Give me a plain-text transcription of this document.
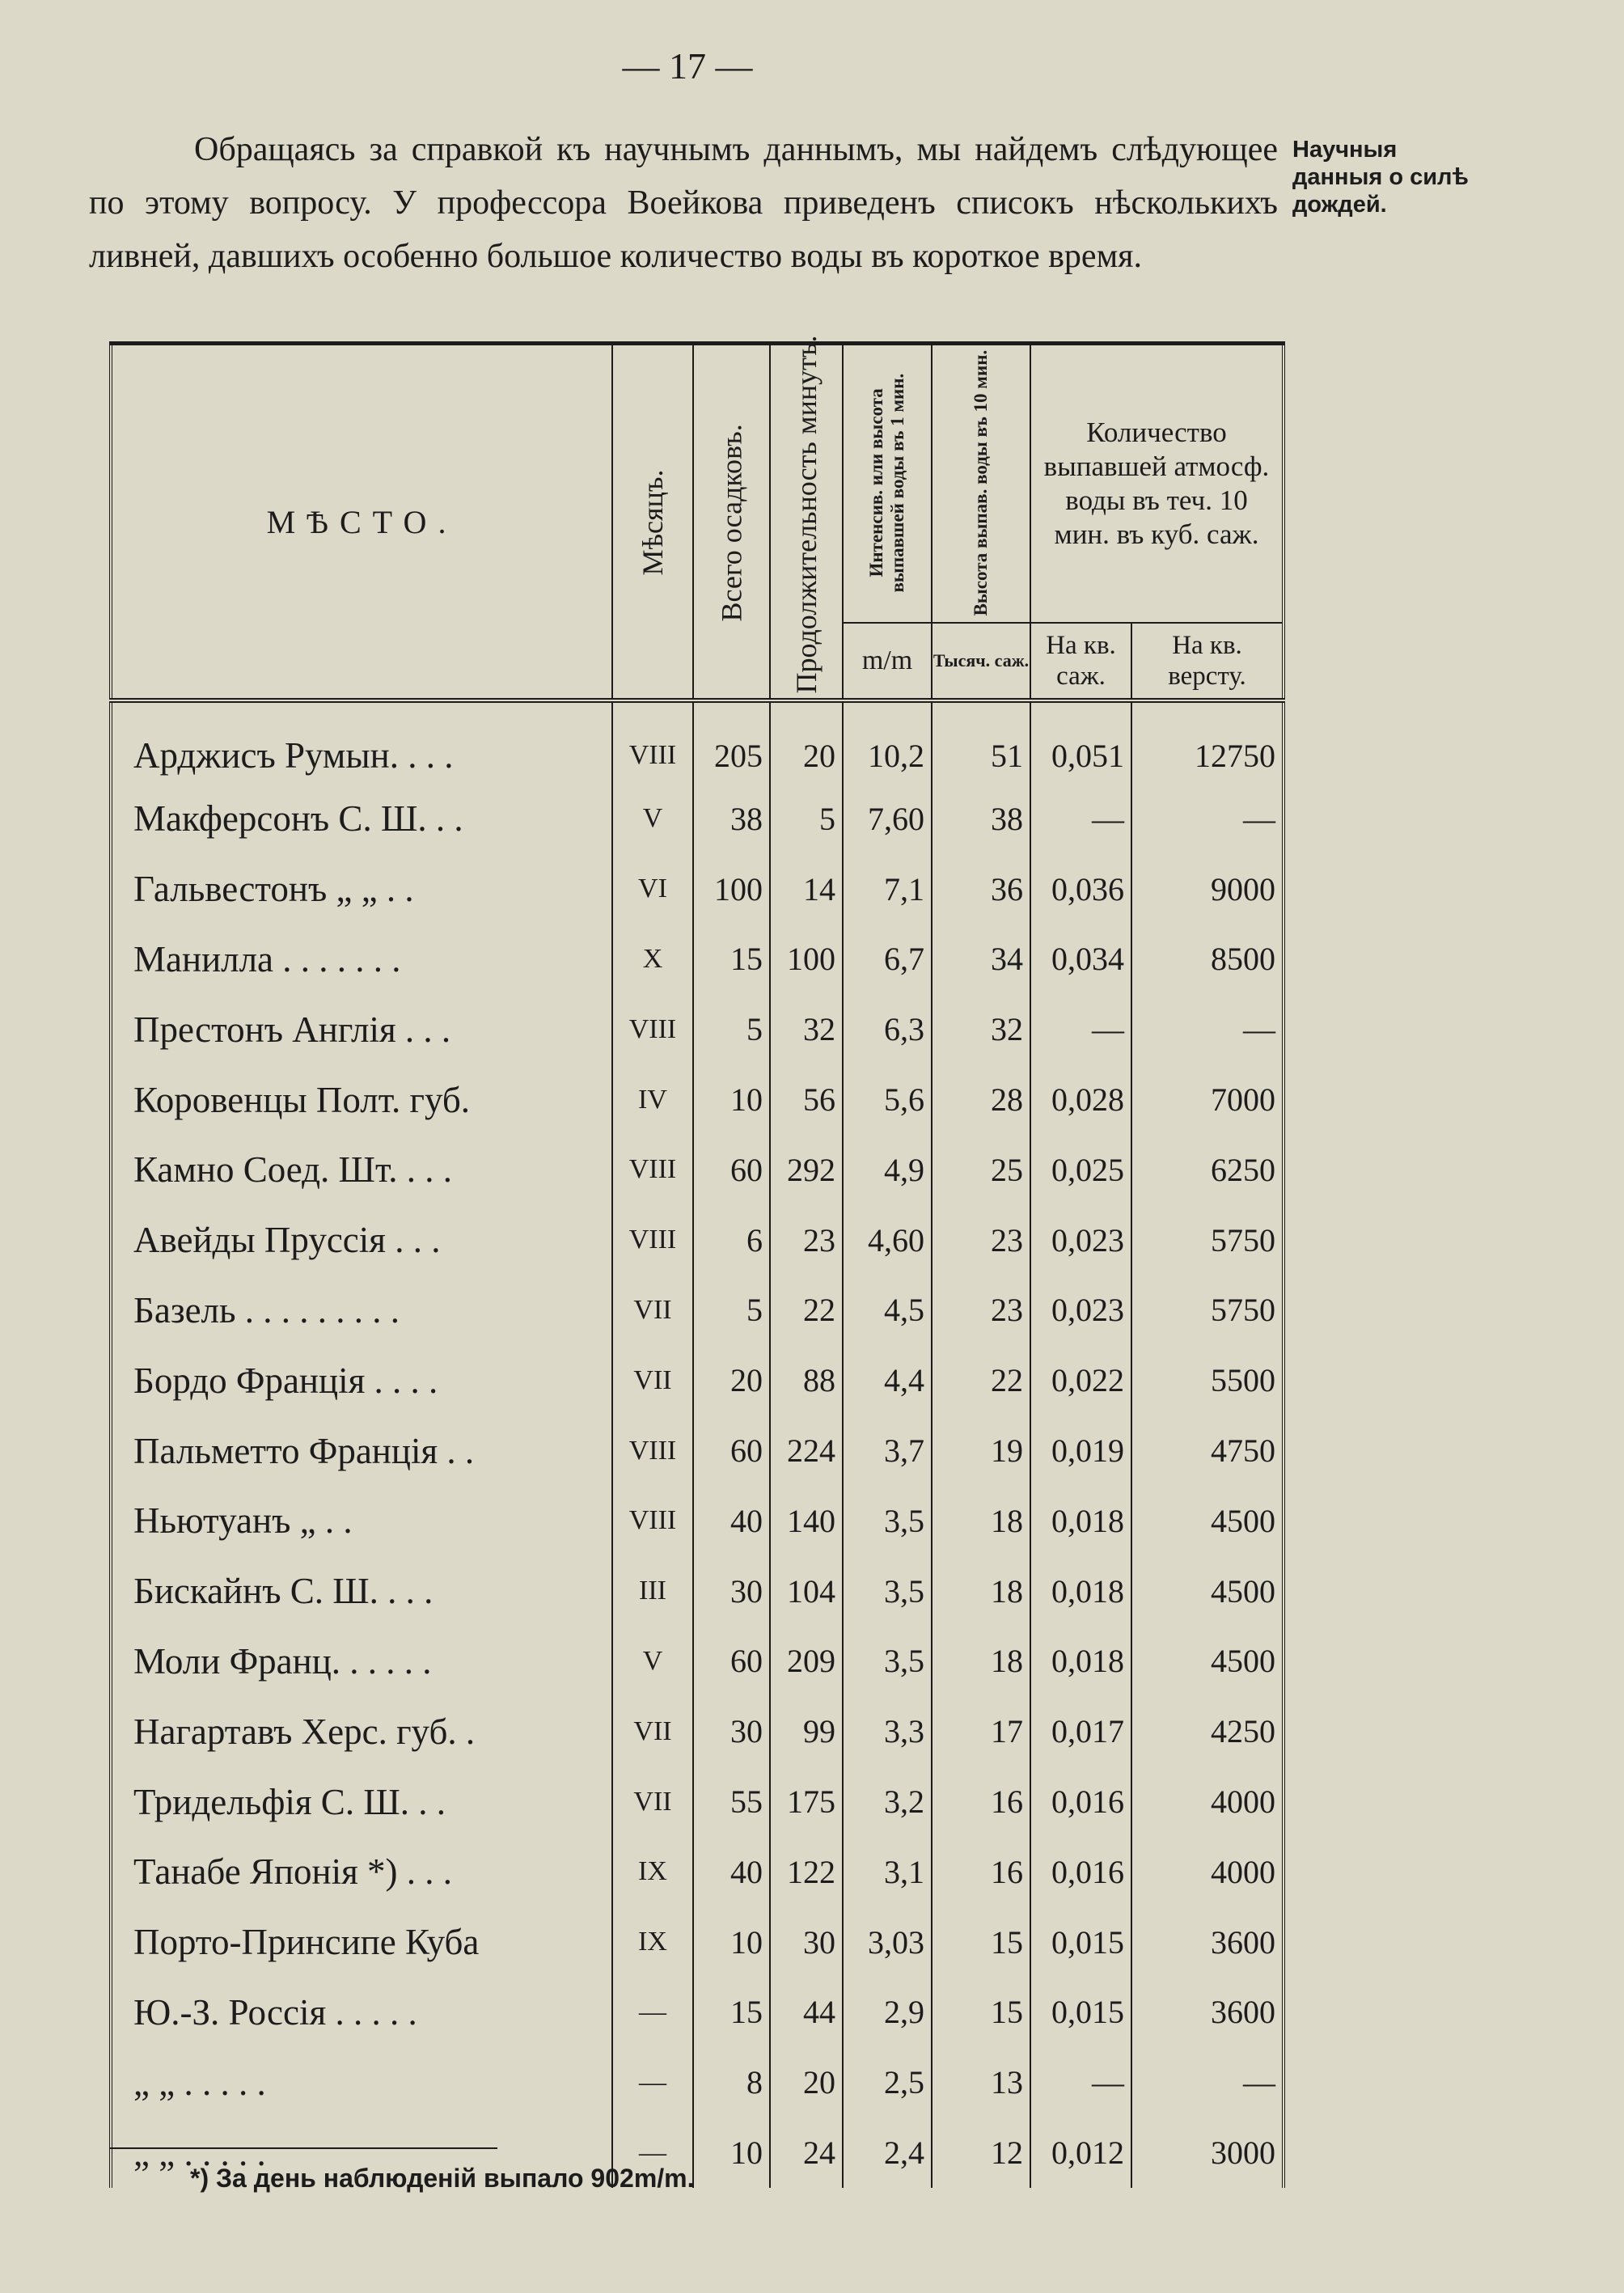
— 17 —
Обращаясь за справкой къ научнымъ даннымъ, мы найдемъ слѣдующее по этому вопросу. У профессора Воейкова приведенъ списокъ нѣсколькихъ ливней, давшихъ особенно большое количество воды въ короткое время.
Научныя данныя о силѣ дождей.
МѢСТО.	Мѣсяцъ.	Всего осадковъ.	Продолжительность минутъ.	Интенсив. или высота выпавшей воды въ 1 мин.	Высота выпав. воды въ 10 мин.	Количество выпавшей атмосф. воды въ теч. 10 мин. въ куб. саж.	
				m/m	Тысяч. саж.	На кв. саж.	На кв. версту.
Арджисъ Румын. . . .	VIII	205	20	10,2	51	0,051	12750
Макферсонъ С. Ш. . .	V	38	5	7,60	38	—	—
Гальвестонъ „ „ . .	VI	100	14	7,1	36	0,036	9000
Манилла . . . . . . .	X	15	100	6,7	34	0,034	8500
Престонъ Англія . . .	VIII	5	32	6,3	32	—	—
Коровенцы Полт. губ.	IV	10	56	5,6	28	0,028	7000
Камно Соед. Шт. . . .	VIII	60	292	4,9	25	0,025	6250
Авейды Пруссія . . .	VIII	6	23	4,60	23	0,023	5750
Базель . . . . . . . . .	VII	5	22	4,5	23	0,023	5750
Бордо Франція . . . .	VII	20	88	4,4	22	0,022	5500
Пальметто Франція . .	VIII	60	224	3,7	19	0,019	4750
Ньютуанъ „ . .	VIII	40	140	3,5	18	0,018	4500
Бискайнъ С. Ш. . . .	III	30	104	3,5	18	0,018	4500
Моли Франц. . . . . .	V	60	209	3,5	18	0,018	4500
Нагартавъ Херс. губ. .	VII	30	99	3,3	17	0,017	4250
Тридельфія С. Ш. . .	VII	55	175	3,2	16	0,016	4000
Танабе Японія *) . . .	IX	40	122	3,1	16	0,016	4000
Порто-Принсипе Куба	IX	10	30	3,03	15	0,015	3600
Ю.-З. Россія . . . . .	—	15	44	2,9	15	0,015	3600
„ „ . . . . .	—	8	20	2,5	13	—	—
„ „ . . . . .	—	10	24	2,4	12	0,012	3000
*) За день наблюденій выпало 902m/m.
